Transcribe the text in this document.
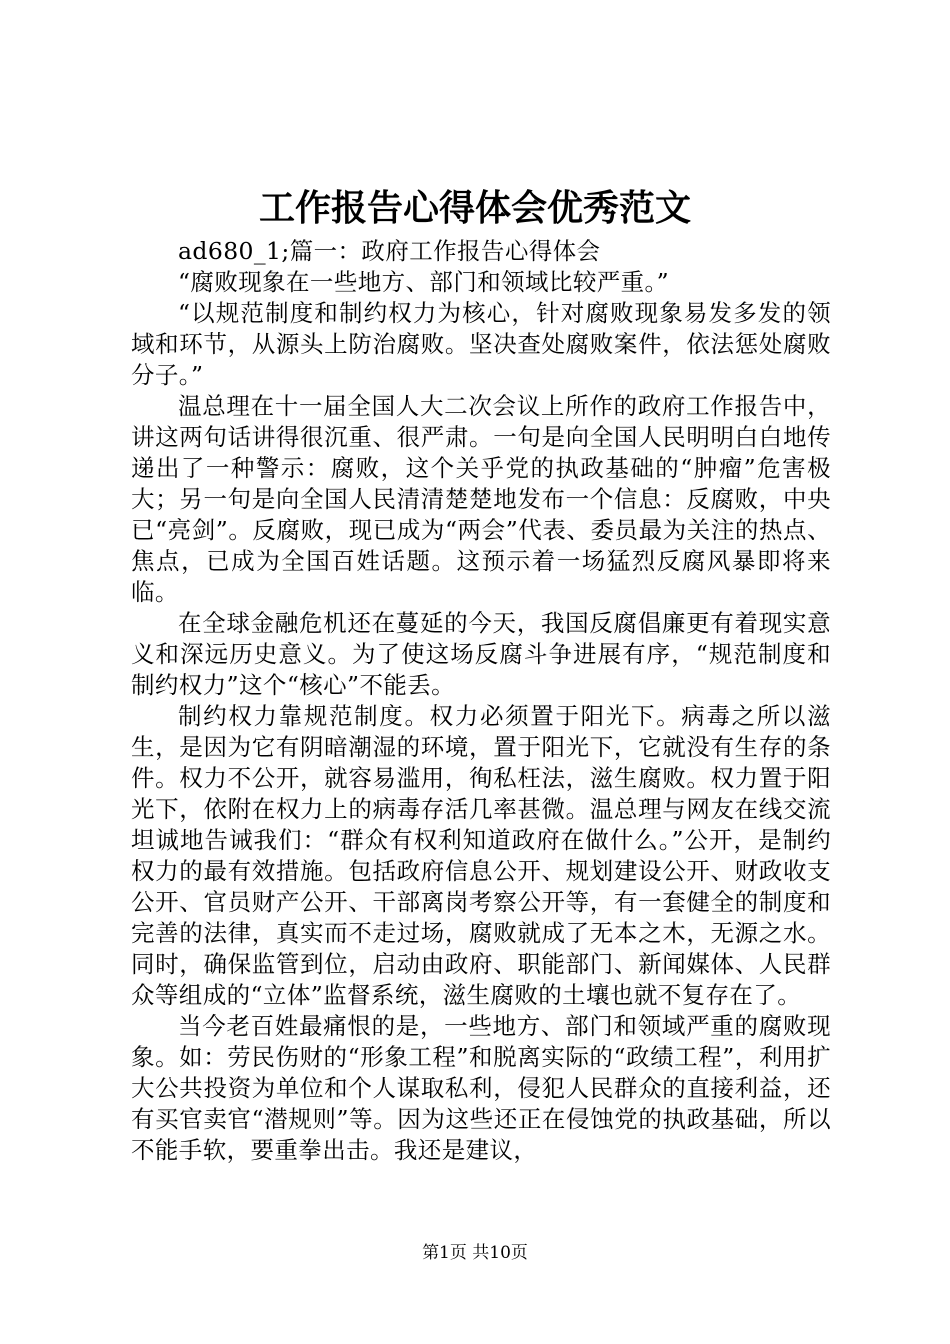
工作报告心得体会优秀范文

ad680_1;篇一：政府工作报告心得体会

“腐败现象在一些地方、部门和领域比较严重。”

“以规范制度和制约权力为核心，针对腐败现象易发多发的领域和环节，从源头上防治腐败。坚决查处腐败案件，依法惩处腐败分子。”

温总理在十一届全国人大二次会议上所作的政府工作报告中，讲这两句话讲得很沉重、很严肃。一句是向全国人民明明白白地传递出了一种警示：腐败，这个关乎党的执政基础的“肿瘤”危害极大；另一句是向全国人民清清楚楚地发布一个信息：反腐败，中央已“亮剑”。反腐败，现已成为“两会”代表、委员最为关注的热点、焦点，已成为全国百姓话题。这预示着一场猛烈反腐风暴即将来临。

在全球金融危机还在蔓延的今天，我国反腐倡廉更有着现实意义和深远历史意义。为了使这场反腐斗争进展有序，“规范制度和制约权力”这个“核心”不能丢。

制约权力靠规范制度。权力必须置于阳光下。病毒之所以滋生，是因为它有阴暗潮湿的环境，置于阳光下，它就没有生存的条件。权力不公开，就容易滥用，徇私枉法，滋生腐败。权力置于阳光下，依附在权力上的病毒存活几率甚微。温总理与网友在线交流坦诚地告诫我们：“群众有权利知道政府在做什么。”公开，是制约权力的最有效措施。包括政府信息公开、规划建设公开、财政收支公开、官员财产公开、干部离岗考察公开等，有一套健全的制度和完善的法律，真实而不走过场，腐败就成了无本之木，无源之水。同时，确保监管到位，启动由政府、职能部门、新闻媒体、人民群众等组成的“立体”监督系统，滋生腐败的土壤也就不复存在了。

当今老百姓最痛恨的是，一些地方、部门和领域严重的腐败现象。如：劳民伤财的“形象工程”和脱离实际的“政绩工程”，利用扩大公共投资为单位和个人谋取私利，侵犯人民群众的直接利益，还有买官卖官“潜规则”等。因为这些还正在侵蚀党的执政基础，所以不能手软，要重拳出击。我还是建议，

第1页 共10页
